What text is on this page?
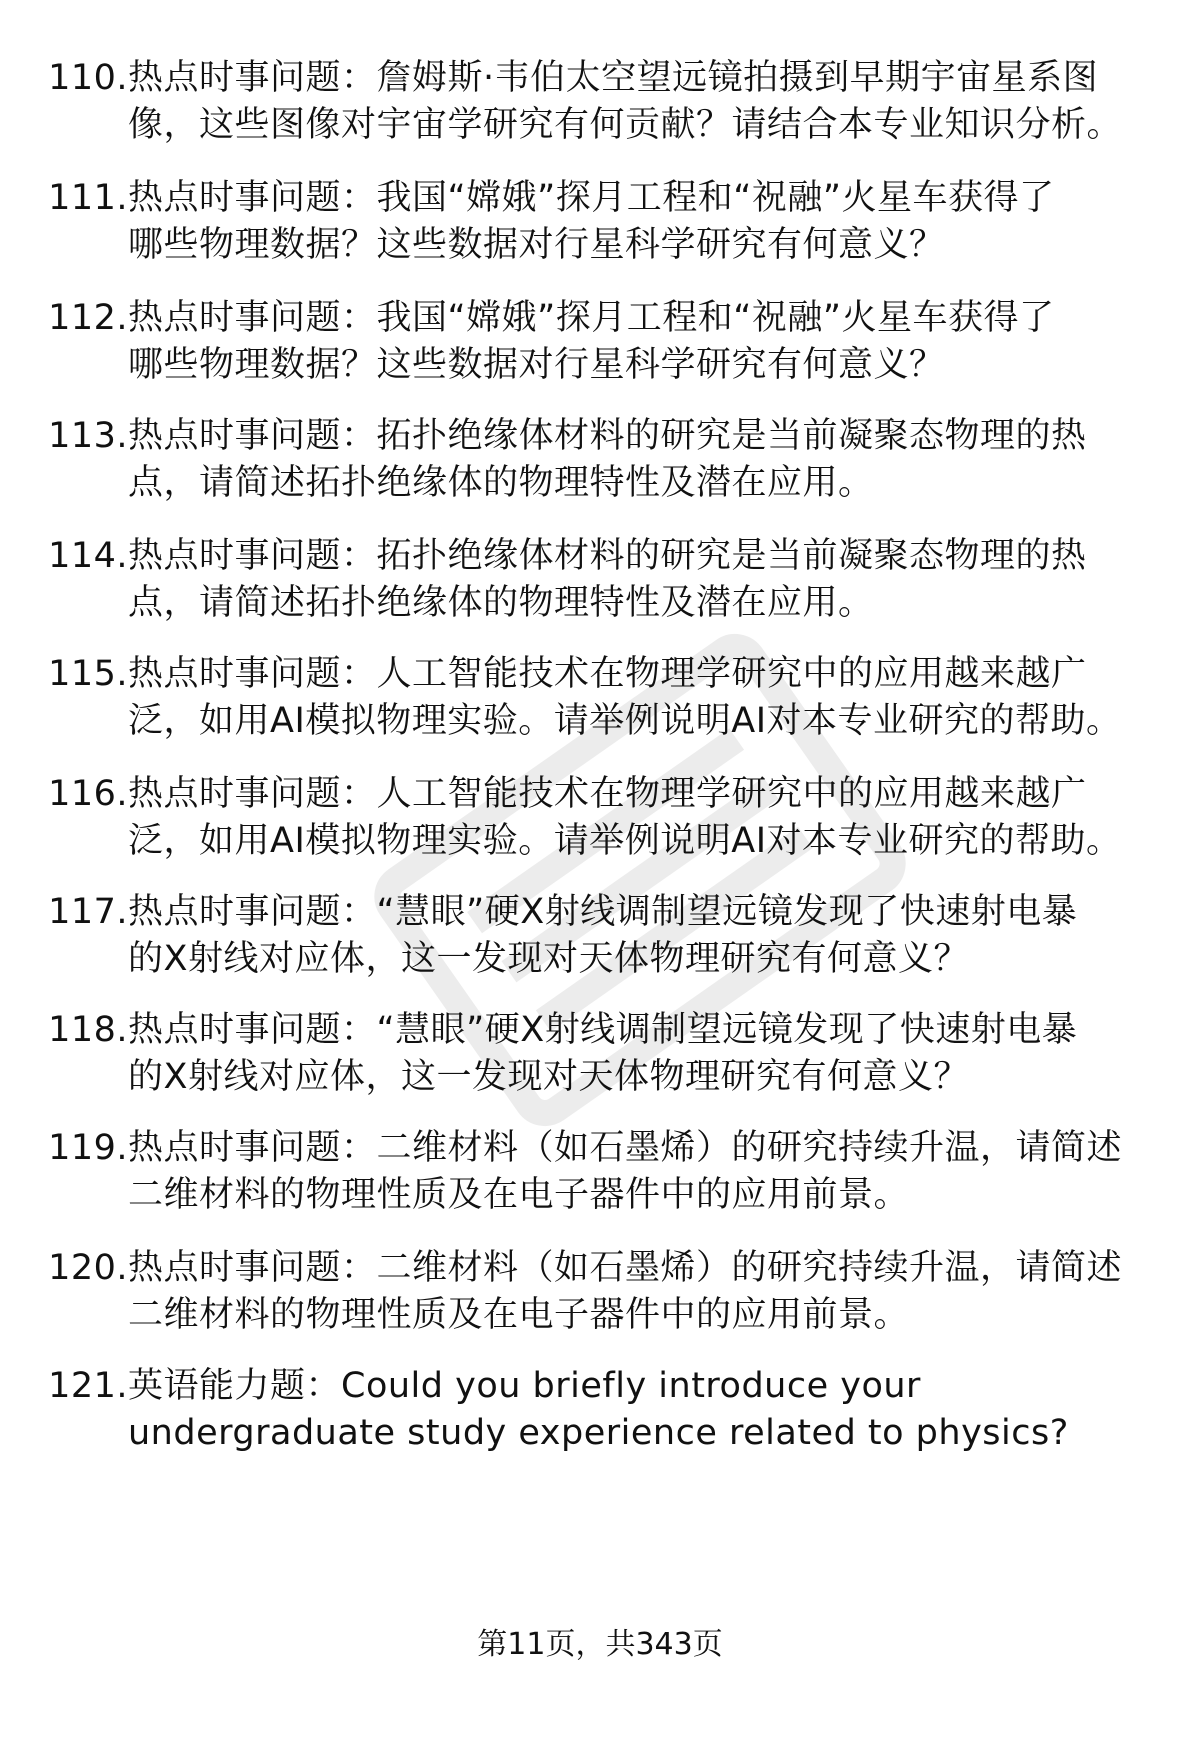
110. 热点时事问题：詹姆斯·韦伯太空望远镜拍摄到早期宇宙星系图
像，这些图像对宇宙学研究有何贡献？请结合本专业知识分析。
111. 热点时事问题：我国“嫦娥”探月工程和“祝融”火星车获得了
哪些物理数据？这些数据对行星科学研究有何意义？
112. 热点时事问题：我国“嫦娥”探月工程和“祝融”火星车获得了
哪些物理数据？这些数据对行星科学研究有何意义？
113. 热点时事问题：拓扑绝缘体材料的研究是当前凝聚态物理的热
点，请简述拓扑绝缘体的物理特性及潜在应用。
114. 热点时事问题：拓扑绝缘体材料的研究是当前凝聚态物理的热
点，请简述拓扑绝缘体的物理特性及潜在应用。
115. 热点时事问题：人工智能技术在物理学研究中的应用越来越广
泛，如用AI模拟物理实验。请举例说明AI对本专业研究的帮助。
116. 热点时事问题：人工智能技术在物理学研究中的应用越来越广
泛，如用AI模拟物理实验。请举例说明AI对本专业研究的帮助。
117. 热点时事问题：“慧眼”硬X射线调制望远镜发现了快速射电暴
的X射线对应体，这一发现对天体物理研究有何意义？
118. 热点时事问题：“慧眼”硬X射线调制望远镜发现了快速射电暴
的X射线对应体，这一发现对天体物理研究有何意义？
119. 热点时事问题：二维材料（如石墨烯）的研究持续升温，请简述
二维材料的物理性质及在电子器件中的应用前景。
120. 热点时事问题：二维材料（如石墨烯）的研究持续升温，请简述
二维材料的物理性质及在电子器件中的应用前景。
121. 英语能力题：Could you briefly introduce your
undergraduate study experience related to physics?
第11页，共343页
